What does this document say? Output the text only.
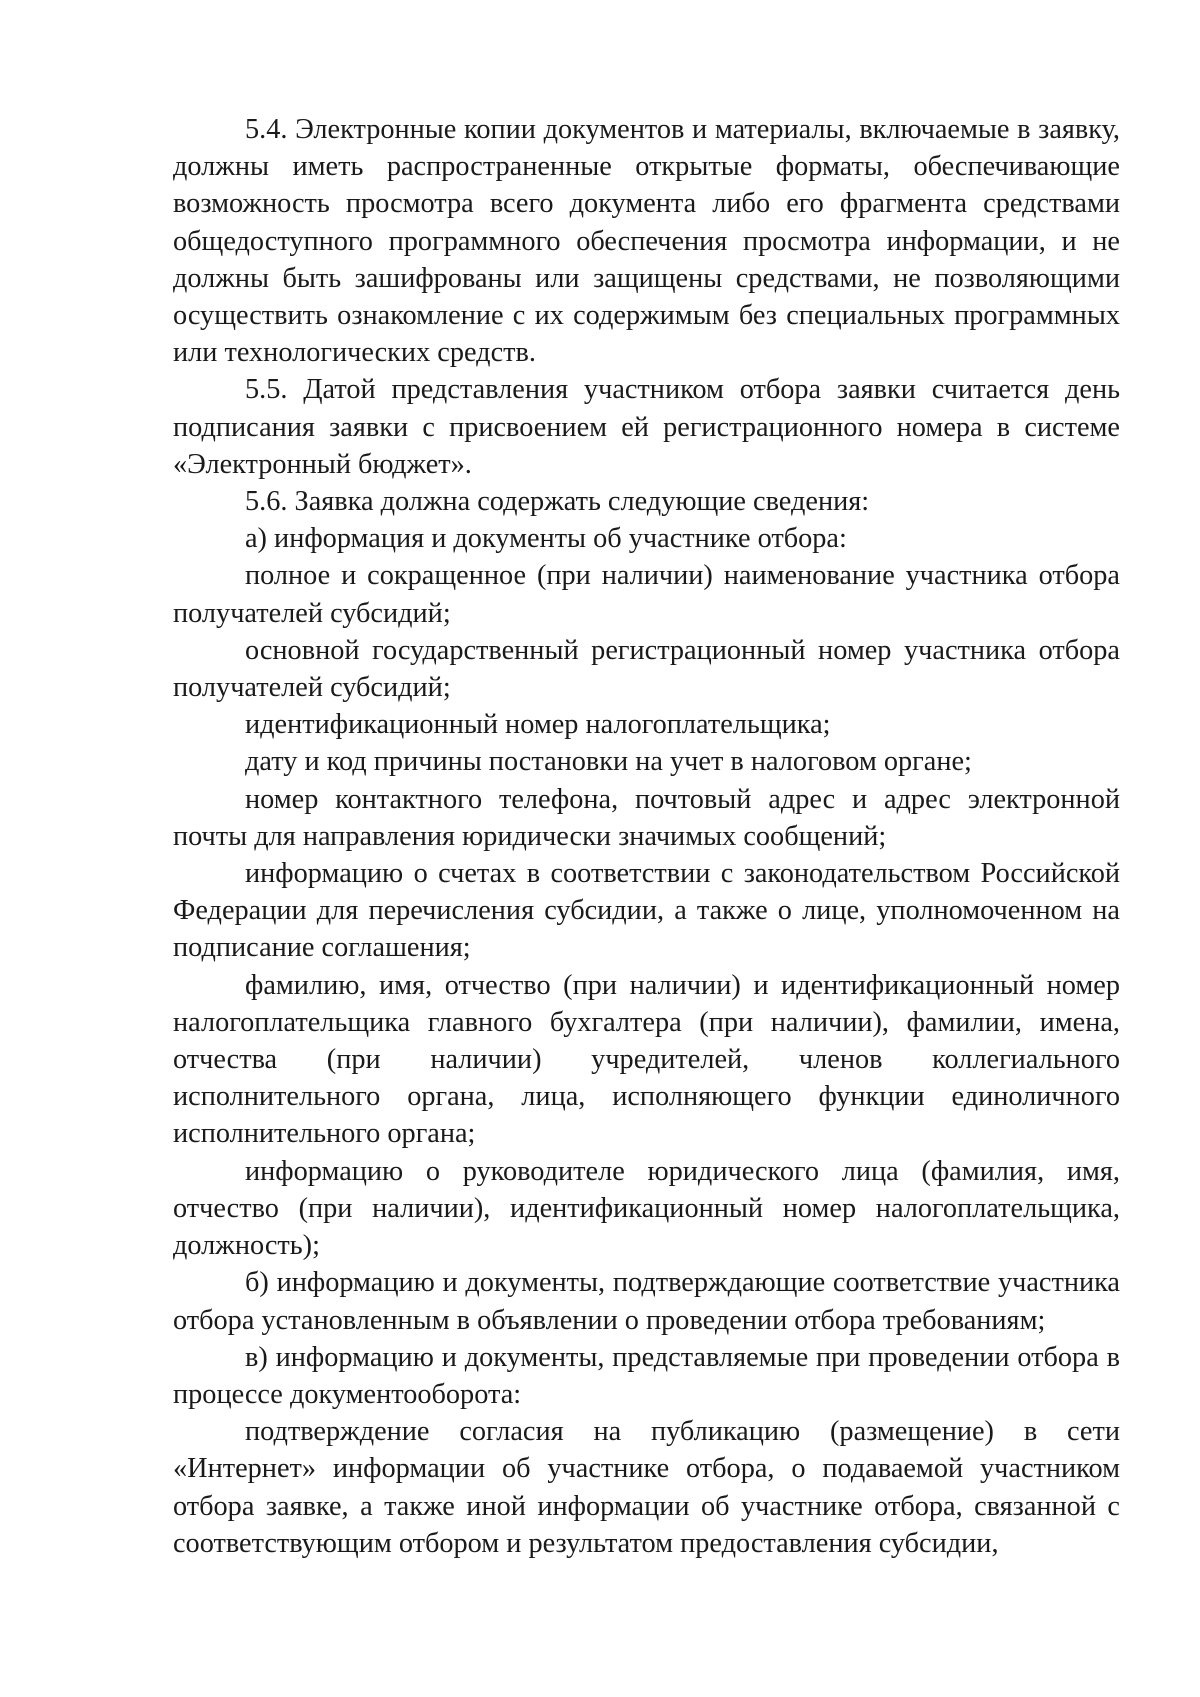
5.4. Электронные копии документов и материалы, включаемые в заявку, должны иметь распространенные открытые форматы, обеспечивающие возможность просмотра всего документа либо его фрагмента средствами общедоступного программного обеспечения просмотра информации, и не должны быть зашифрованы или защищены средствами, не позволяющими осуществить ознакомление с их содержимым без специальных программных или технологических средств.

5.5. Датой представления участником отбора заявки считается день подписания заявки с присвоением ей регистрационного номера в системе «Электронный бюджет».

5.6. Заявка должна содержать следующие сведения:

а) информация и документы об участнике отбора:

полное и сокращенное (при наличии) наименование участника отбора получателей субсидий;

основной государственный регистрационный номер участника отбора получателей субсидий;

идентификационный номер налогоплательщика;

дату и код причины постановки на учет в налоговом органе;

номер контактного телефона, почтовый адрес и адрес электронной почты для направления юридически значимых сообщений;

информацию о счетах в соответствии с законодательством Российской Федерации для перечисления субсидии, а также о лице, уполномоченном на подписание соглашения;

фамилию, имя, отчество (при наличии) и идентификационный номер налогоплательщика главного бухгалтера (при наличии), фамилии, имена, отчества (при наличии) учредителей, членов коллегиального исполнительного органа, лица, исполняющего функции единоличного исполнительного органа;

информацию о руководителе юридического лица (фамилия, имя, отчество (при наличии), идентификационный номер налогоплательщика, должность);

б) информацию и документы, подтверждающие соответствие участника отбора установленным в объявлении о проведении отбора требованиям;

в) информацию и документы, представляемые при проведении отбора в процессе документооборота:

подтверждение согласия на публикацию (размещение) в сети «Интернет» информации об участнике отбора, о подаваемой участником отбора заявке, а также иной информации об участнике отбора, связанной с соответствующим отбором и результатом предоставления субсидии,
